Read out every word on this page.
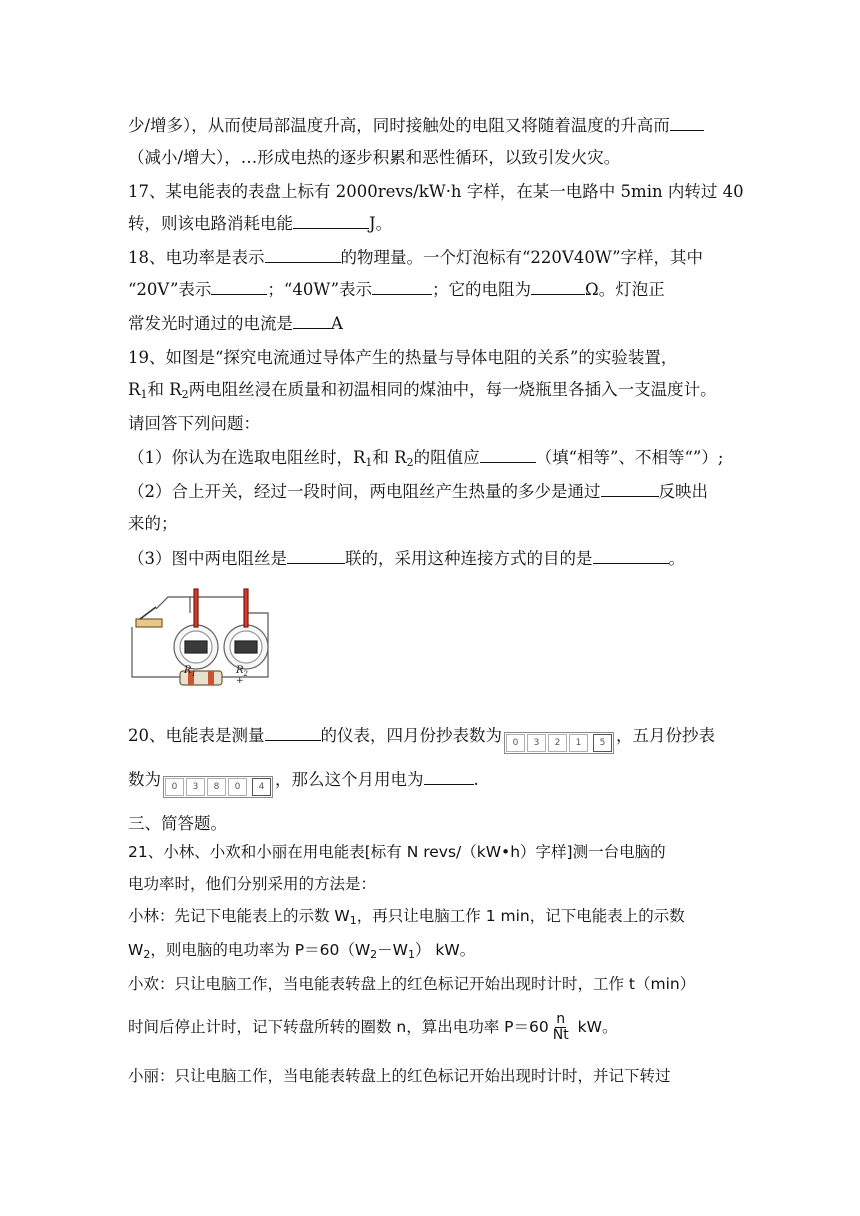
少/增多），从而使局部温度升高，同时接触处的电阻又将随着温度的升高而
（减小/增大），…形成电热的逐步积累和恶性循环，以致引发火灾。
17、某电能表的表盘上标有 2000revs/kW·h 字样，在某一电路中 5min 内转过 40
转，则该电路消耗电能	J。
18、电功率是表示	的物理量。一个灯泡标有“220V40W”字样，其中
“20V”表示	；“40W”表示	；它的电阻为	Ω。灯泡正
常发光时通过的电流是 A
19、如图是“探究电流通过导体产生的热量与导体电阻的关系”的实验装置，
$R_1$和 $R_2$两电阻丝浸在质量和初温相同的煤油中，每一烧瓶里各插入一支温度计。
请回答下列问题：
（1）你认为在选取电阻丝时，$R_1$和 $R_2$的阻值应	（填“相等”、不相等“”）;
（2）合上开关，经过一段时间，两电阻丝产生热量的多少是通过	反映出
来的；
（3）图中两电阻丝是	联的，采用这种连接方式的目的是	。
$R_1$	$R_2$
+
20、电能表是测量	的仪表，四月份抄表数为	0	3	2	1	5 ，五月份抄表
数为	0	3	8	0	4 ，那么这个月用电为	.
三、简答题。
21、小林、小欢和小丽在用电能表[标有 N revs/（kW•h）字样]测一台电脑的
电功率时，他们分别采用的方法是：
小林：先记下电能表上的示数 $W_1$，再只让电脑工作 1 min，记下电能表上的示数
$W_2$，则电脑的电功率为 $P=60(W_2-W_1)$ kW。
小欢：只让电脑工作，当电能表转盘上的红色标记开始出现时计时，工作 t（min）
时间后停止计时，记下转盘所转的圈数 n，算出电功率 $P=60 \frac{n}{Nt}$ kW。
小丽：只让电脑工作，当电能表转盘上的红色标记开始出现时计时，并记下转过
